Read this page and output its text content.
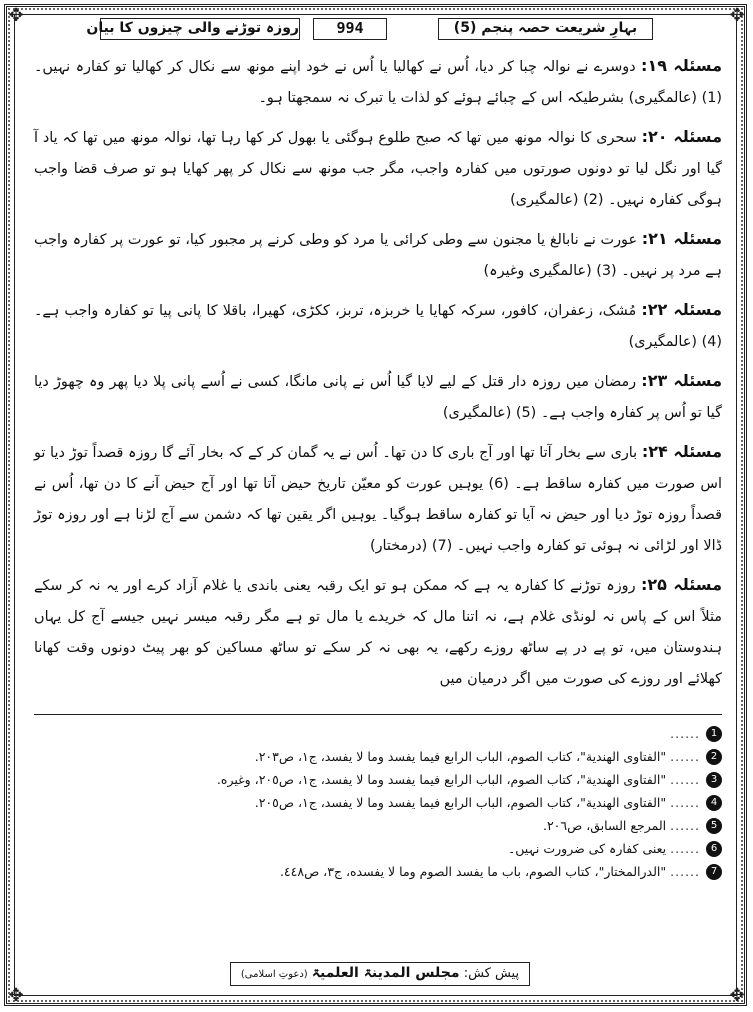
✥	✥
✥	✥
بہارِ شریعت حصہ پنجم (5)
994
روزہ توڑنے والی چیزوں کا بیان

مسئلہ ۱۹: دوسرے نے نوالہ چبا کر دیا، اُس نے کھالیا یا اُس نے خود اپنے مونھ سے نکال کر کھالیا تو کفارہ نہیں۔ (1) (عالمگیری) بشرطیکہ اس کے چبائے ہوئے کو لذات یا تبرک نہ سمجھتا ہو۔

مسئلہ ۲۰: سحری کا نوالہ مونھ میں تھا کہ صبح طلوع ہوگئی یا بھول کر کھا رہا تھا، نوالہ مونھ میں تھا کہ یاد آ گیا اور نگل لیا تو دونوں صورتوں میں کفارہ واجب، مگر جب مونھ سے نکال کر پھر کھایا ہو تو صرف قضا واجب ہوگی کفارہ نہیں۔ (2) (عالمگیری)

مسئلہ ۲۱: عورت نے نابالغ یا مجنون سے وطی کرائی یا مرد کو وطی کرنے پر مجبور کیا، تو عورت پر کفارہ واجب ہے مرد پر نہیں۔ (3) (عالمگیری وغیرہ)

مسئلہ ۲۲: مُشک، زعفران، کافور، سرکہ کھایا یا خربزہ، تربز، ککڑی، کھیرا، باقلا کا پانی پیا تو کفارہ واجب ہے۔ (4) (عالمگیری)

مسئلہ ۲۳: رمضان میں روزہ دار قتل کے لیے لایا گیا اُس نے پانی مانگا، کسی نے اُسے پانی پلا دیا پھر وہ چھوڑ دیا گیا تو اُس پر کفارہ واجب ہے۔ (5) (عالمگیری)

مسئلہ ۲۴: باری سے بخار آتا تھا اور آج باری کا دن تھا۔ اُس نے یہ گمان کر کے کہ بخار آئے گا روزہ قصداً توڑ دیا تو اس صورت میں کفارہ ساقط ہے۔ (6) یوہیں عورت کو معیّن تاریخ حیض آتا تھا اور آج حیض آنے کا دن تھا، اُس نے قصداً روزہ توڑ دیا اور حیض نہ آیا تو کفارہ ساقط ہوگیا۔ یوہیں اگر یقین تھا کہ دشمن سے آج لڑنا ہے اور روزہ توڑ ڈالا اور لڑائی نہ ہوئی تو کفارہ واجب نہیں۔ (7) (درمختار)

مسئلہ ۲۵: روزہ توڑنے کا کفارہ یہ ہے کہ ممکن ہو تو ایک رقبہ یعنی باندی یا غلام آزاد کرے اور یہ نہ کر سکے مثلاً اس کے پاس نہ لونڈی غلام ہے، نہ اتنا مال کہ خریدے یا مال تو ہے مگر رقبہ میسر نہیں جیسے آج کل یہاں ہندوستان میں، تو پے در پے ساٹھ روزے رکھے، یہ بھی نہ کر سکے تو ساٹھ مساکین کو بھر پیٹ دونوں وقت کھانا کھلائے اور روزے کی صورت میں اگر درمیان میں

1
......
2
......
"الفتاوى الهندية"، كتاب الصوم، الباب الرابع فيما يفسد وما لا يفسد، ج١، ص٢٠٣.
3
......
"الفتاوى الهندية"، كتاب الصوم، الباب الرابع فيما يفسد وما لا يفسد، ج١، ص٢٠٥، وغيره.
4
......
"الفتاوى الهندية"، كتاب الصوم، الباب الرابع فيما يفسد وما لا يفسد، ج١، ص٢٠٥.
5
......
المرجع السابق، ص٢٠٦.
6
......
یعنی کفارہ کی ضرورت نہیں۔
7
......
"الدرالمختار"، كتاب الصوم، باب ما يفسد الصوم وما لا يفسده، ج٣، ص٤٤٨.
پیش کش: مجلس المدینۃ العلمیۃ (دعوتِ اسلامی)
